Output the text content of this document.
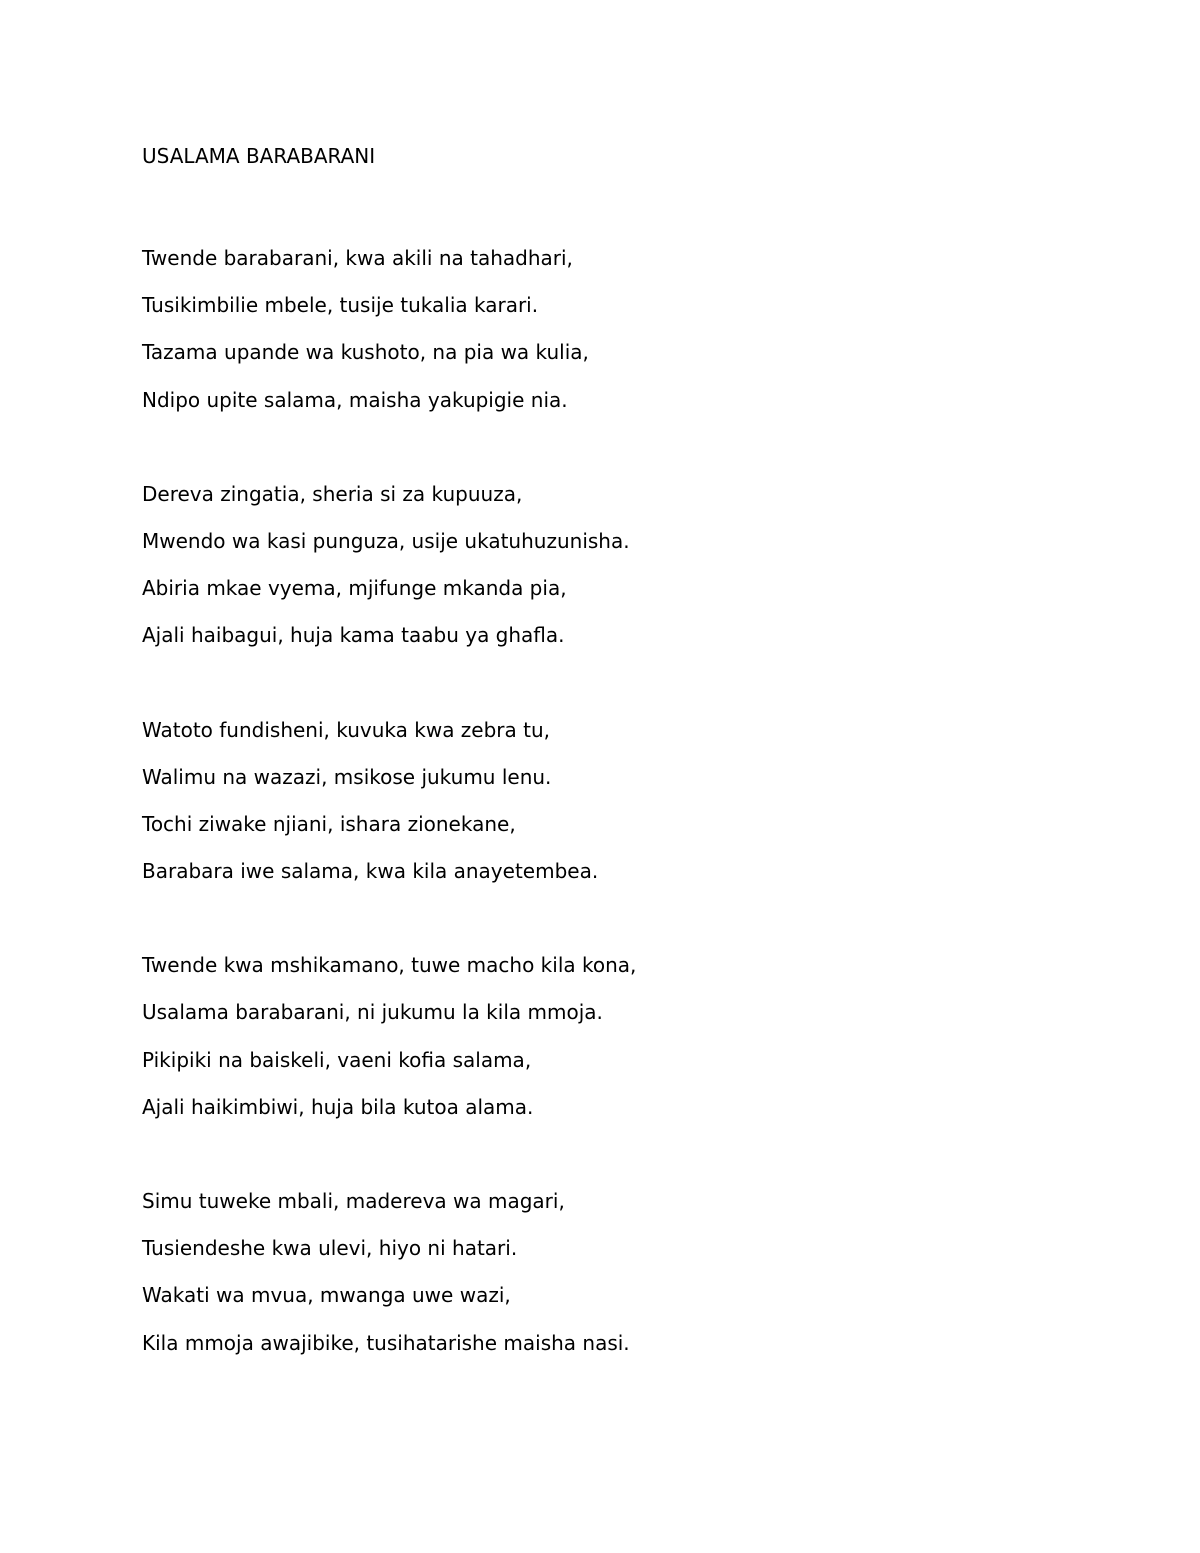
USALAMA BARABARANI
Twende barabarani, kwa akili na tahadhari,
Tusikimbilie mbele, tusije tukalia karari.
Tazama upande wa kushoto, na pia wa kulia,
Ndipo upite salama, maisha yakupigie nia.
Dereva zingatia, sheria si za kupuuza,
Mwendo wa kasi punguza, usije ukatuhuzunisha.
Abiria mkae vyema, mjifunge mkanda pia,
Ajali haibagui, huja kama taabu ya ghafla.
Watoto fundisheni, kuvuka kwa zebra tu,
Walimu na wazazi, msikose jukumu lenu.
Tochi ziwake njiani, ishara zionekane,
Barabara iwe salama, kwa kila anayetembea.
Twende kwa mshikamano, tuwe macho kila kona,
Usalama barabarani, ni jukumu la kila mmoja.
Pikipiki na baiskeli, vaeni kofia salama,
Ajali haikimbiwi, huja bila kutoa alama.
Simu tuweke mbali, madereva wa magari,
Tusiendeshe kwa ulevi, hiyo ni hatari.
Wakati wa mvua, mwanga uwe wazi,
Kila mmoja awajibike, tusihatarishe maisha nasi.
